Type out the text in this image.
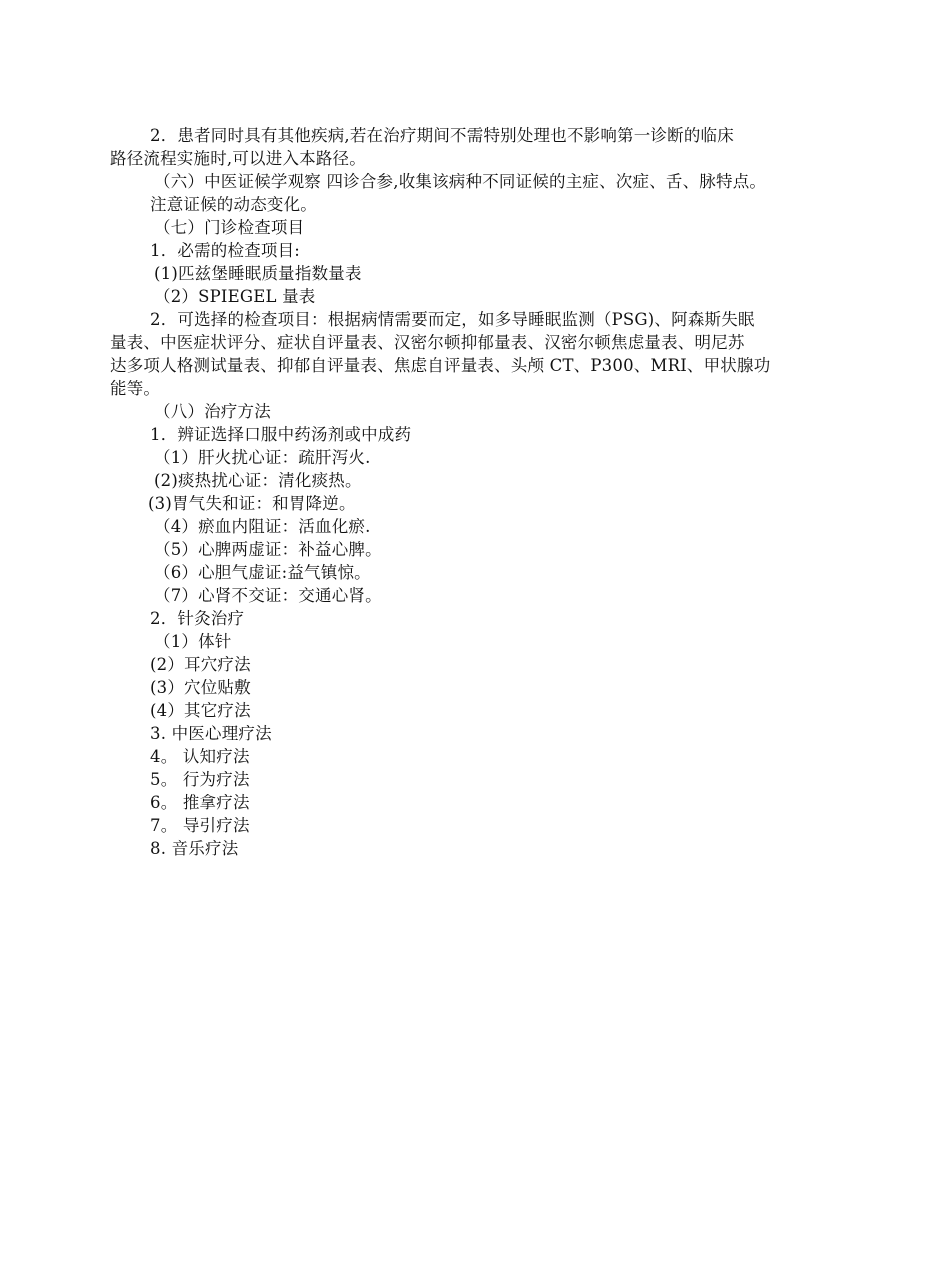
2．患者同时具有其他疾病,若在治疗期间不需特别处理也不影响第一诊断的临床
路径流程实施时,可以进入本路径。
（六）中医证候学观察 四诊合参,收集该病种不同证候的主症、次症、舌、脉特点。
注意证候的动态变化。
（七）门诊检查项目
1．必需的检查项目:
(1)匹兹堡睡眠质量指数量表
（2）SPIEGEL 量表
2．可选择的检查项目：根据病情需要而定，如多导睡眠监测（PSG)、阿森斯失眠
量表、中医症状评分、症状自评量表、汉密尔顿抑郁量表、汉密尔顿焦虑量表、明尼苏
达多项人格测试量表、抑郁自评量表、焦虑自评量表、头颅 CT、P300、MRI、甲状腺功
能等。
（八）治疗方法
1．辨证选择口服中药汤剂或中成药
（1）肝火扰心证：疏肝泻火.
(2)痰热扰心证：清化痰热。
(3)胃气失和证：和胃降逆。
（4）瘀血内阻证：活血化瘀.
（5）心脾两虚证：补益心脾。
（6）心胆气虚证:益气镇惊。
（7）心肾不交证：交通心肾。
2．针灸治疗
（1）体针
(2）耳穴疗法
(3）穴位贴敷
(4）其它疗法
3. 中医心理疗法
4。 认知疗法
5。 行为疗法
6。 推拿疗法
7。 导引疗法
8. 音乐疗法
